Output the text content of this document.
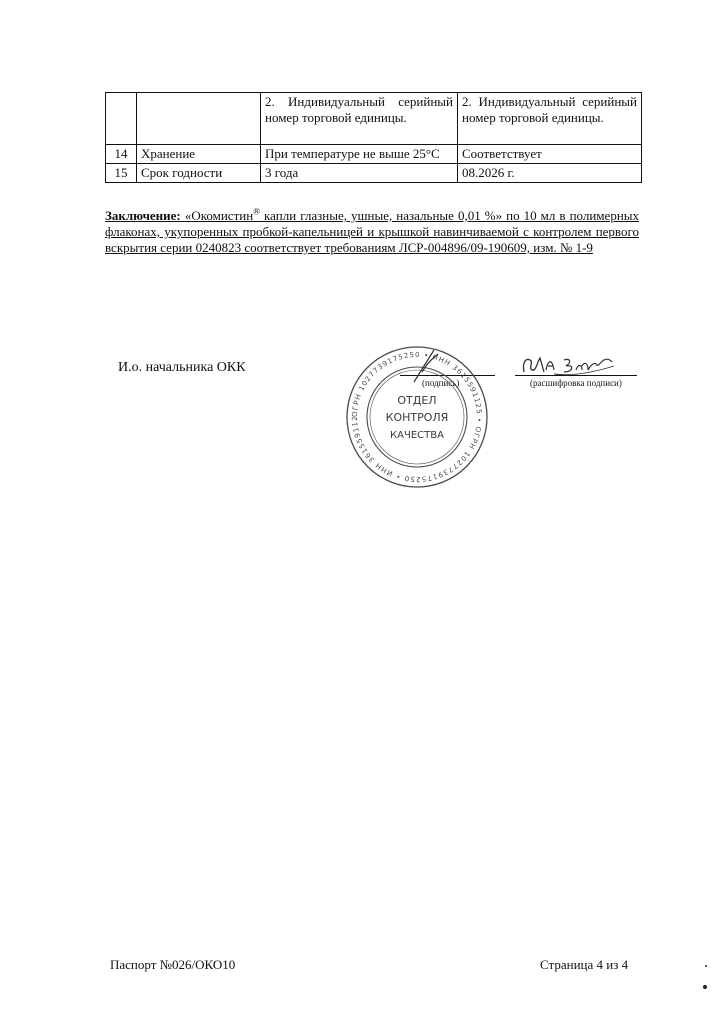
		2. Индивидуальный серийный номер торговой единицы.	2. Индивидуальный серийный номер торговой единицы.
14	Хранение	При температуре не выше 25°С	Соответствует
15	Срок годности	3 года	08.2026 г.
Заключение: «Окомистин® капли глазные, ушные, назальные 0,01 %» по 10 мл в полимерных флаконах, укупоренных пробкой-капельницей и крышкой навинчиваемой с контролем первого вскрытия серии 0240823 соответствует требованиям ЛСР-004896/09-190609, изм. № 1-9
И.о. начальника ОКК
(подпись)	(расшифровка подписи)
ОГРН 1027739175250 • ИНН 3615591125 • ОГРН 1027739175250 • ИНН 361559112
ОТДЕЛ
КОНТРОЛЯ
КАЧЕСТВА
Паспорт №026/ОКО10	Страница 4 из 4
